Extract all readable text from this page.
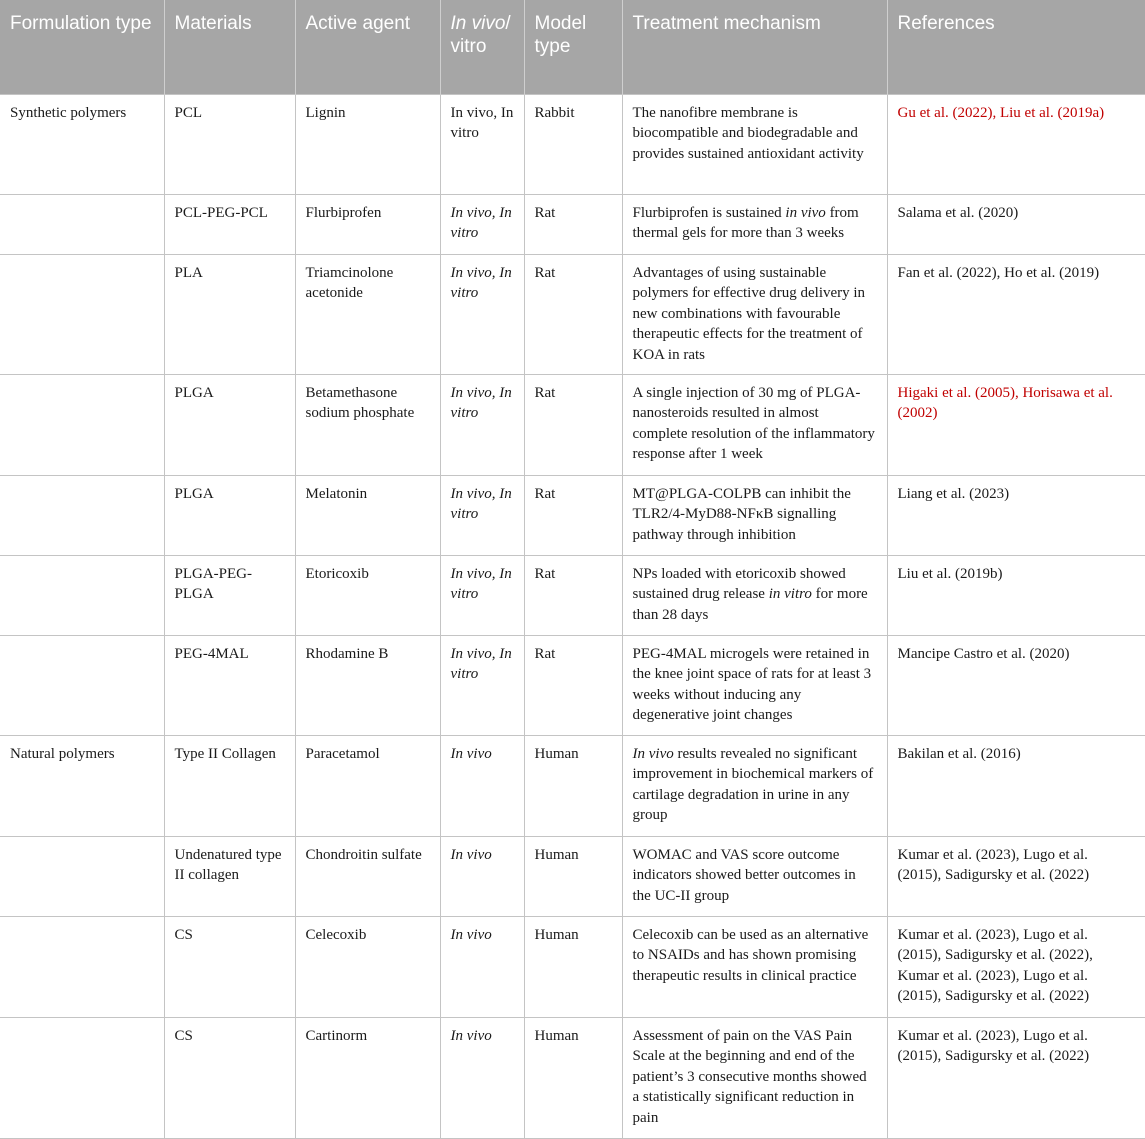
Formulation type	Materials	Active agent	In vivo/ vitro	Model type	Treatment mechanism	References
Synthetic polymers	PCL	Lignin	In vivo, In vitro	Rabbit	The nanofibre membrane is biocompatible and biodegradable and provides sustained antioxidant activity	Gu et al. (2022), Liu et al. (2019a)
	PCL-PEG-PCL	Flurbiprofen	In vivo, In vitro	Rat	Flurbiprofen is sustained in vivo from thermal gels for more than 3 weeks	Salama et al. (2020)
	PLA	Triamcinolone acetonide	In vivo, In vitro	Rat	Advantages of using sustainable polymers for effective drug delivery in new combinations with favourable therapeutic effects for the treatment of KOA in rats	Fan et al. (2022), Ho et al. (2019)
	PLGA	Betamethasone sodium phosphate	In vivo, In vitro	Rat	A single injection of 30 mg of PLGA-nanosteroids resulted in almost complete resolution of the inflammatory response after 1 week	Higaki et al. (2005), Horisawa et al. (2002)
	PLGA	Melatonin	In vivo, In vitro	Rat	MT@PLGA-COLPB can inhibit the TLR2/4-MyD88-NFκB signalling pathway through inhibition	Liang et al. (2023)
	PLGA-PEG-PLGA	Etoricoxib	In vivo, In vitro	Rat	NPs loaded with etoricoxib showed sustained drug release in vitro for more than 28 days	Liu et al. (2019b)
	PEG-4MAL	Rhodamine B	In vivo, In vitro	Rat	PEG-4MAL microgels were retained in the knee joint space of rats for at least 3 weeks without inducing any degenerative joint changes	Mancipe Castro et al. (2020)
Natural polymers	Type II Collagen	Paracetamol	In vivo	Human	In vivo results revealed no significant improvement in biochemical markers of cartilage degradation in urine in any group	Bakilan et al. (2016)
	Undenatured type II collagen	Chondroitin sulfate	In vivo	Human	WOMAC and VAS score outcome indicators showed better outcomes in the UC-II group	Kumar et al. (2023), Lugo et al. (2015), Sadigursky et al. (2022)
	CS	Celecoxib	In vivo	Human	Celecoxib can be used as an alternative to NSAIDs and has shown promising therapeutic results in clinical practice	Kumar et al. (2023), Lugo et al. (2015), Sadigursky et al. (2022), Kumar et al. (2023), Lugo et al. (2015), Sadigursky et al. (2022)
	CS	Cartinorm	In vivo	Human	Assessment of pain on the VAS Pain Scale at the beginning and end of the patient’s 3 consecutive months showed a statistically significant reduction in pain	Kumar et al. (2023), Lugo et al. (2015), Sadigursky et al. (2022)
